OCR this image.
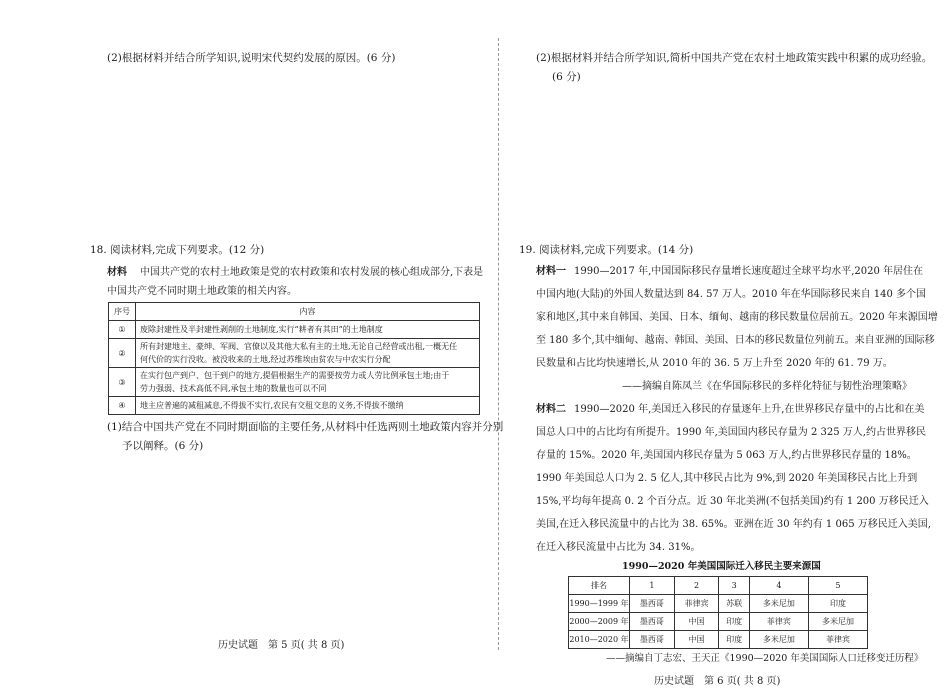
(2)根据材料并结合所学知识,说明宋代契约发展的原因。(6 分)
18. 阅读材料,完成下列要求。(12 分)
材料 中国共产党的农村土地政策是党的农村政策和农村发展的核心组成部分,下表是
中国共产党不同时期土地政策的相关内容。
序号	内容
①	废除封建性及半封建性剥削的土地制度,实行“耕者有其田”的土地制度
②	所有封建地主、豪绅、军阀、官僚以及其他大私有主的土地,无论自己经营或出租,一概无任
何代价的实行没收。被没收来的土地,经过苏维埃由贫农与中农实行分配

③	在实行包产到户、包干到户的地方,提倡根据生产的需要按劳力或人劳比例承包土地;由于
劳力强弱、技术高低不同,承包土地的数量也可以不同

④	地主应普遍的减租减息,不得拔不实行,农民有交租交息的义务,不得拔不缴纳
(1)结合中国共产党在不同时期面临的主要任务,从材料中任选两则土地政策内容并分别
予以阐释。(6 分)
历史试题　第 5 页( 共 8 页)
(2)根据材料并结合所学知识,简析中国共产党在农村土地政策实践中积累的成功经验。
(6 分)
19. 阅读材料,完成下列要求。(14 分)
材料一 1990—2017 年,中国国际移民存量增长速度超过全球平均水平,2020 年居住在
中国内地(大陆)的外国人数量达到 84. 57 万人。2010 年在华国际移民来自 140 多个国
家和地区,其中来自韩国、美国、日本、缅甸、越南的移民数量位居前五。2020 年来源国增
至 180 多个,其中缅甸、越南、韩国、美国、日本的移民数量位列前五。来自亚洲的国际移
民数量和占比均快速增长,从 2010 年的 36. 5 万上升至 2020 年的 61. 79 万。
——摘编自陈凤兰《在华国际移民的多样化特征与韧性治理策略》
材料二 1990—2020 年,美国迁入移民的存量逐年上升,在世界移民存量中的占比和在美
国总人口中的占比均有所提升。1990 年,美国国内移民存量为 2 325 万人,约占世界移民
存量的 15%。2020 年,美国国内移民存量为 5 063 万人,约占世界移民存量的 18%。
1990 年美国总人口为 2. 5 亿人,其中移民占比为 9%,到 2020 年美国移民占比上升到
15%,平均每年提高 0. 2 个百分点。近 30 年北美洲(不包括美国)约有 1 200 万移民迁入
美国,在迁入移民流量中的占比为 38. 65%。亚洲在近 30 年约有 1 065 万移民迁入美国,
在迁入移民流量中占比为 34. 31%。
1990—2020 年美国国际迁入移民主要来源国
排名	1	2	3	4	5
1990—1999 年	墨西哥	菲律宾	苏联	多米尼加	印度
2000—2009 年	墨西哥	中国	印度	菲律宾	多米尼加
2010—2020 年	墨西哥	中国	印度	多米尼加	菲律宾
——摘编自丁志宏、王天正《1990—2020 年美国国际人口迁移变迁历程》
历史试题　第 6 页( 共 8 页)
